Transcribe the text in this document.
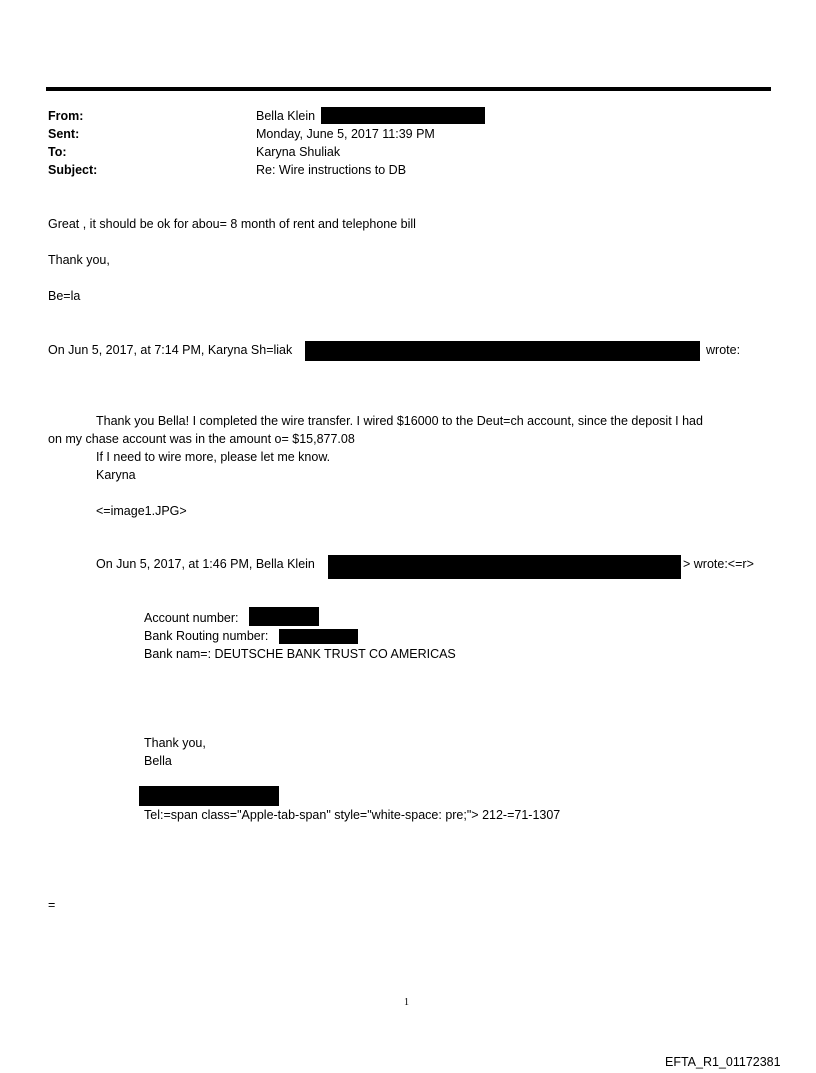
From:	Bella Klein
Sent:	Monday, June 5, 2017 11:39 PM
To:	Karyna Shuliak
Subject:	Re: Wire instructions to DB
Great , it should be ok for abou= 8 month of rent and telephone bill
Thank you,
Be=la
On Jun 5, 2017, at 7:14 PM, Karyna Sh=liak	wrote:
Thank you Bella! I completed the wire transfer. I wired $16000 to the Deut=ch account, since the deposit I had
on my chase account was in the amount o= $15,877.08
If I need to wire more, please let me know.
Karyna
<=image1.JPG>
On Jun 5, 2017, at 1:46 PM, Bella Klein	> wrote:<=r>
Account number:
Bank Routing number:
Bank nam=: DEUTSCHE BANK TRUST CO AMERICAS
Thank you,
Bella
Tel:=span class="Apple-tab-span" style="white-space: pre;"> 212-=71-1307
=
1
EFTA_R1_01172381
